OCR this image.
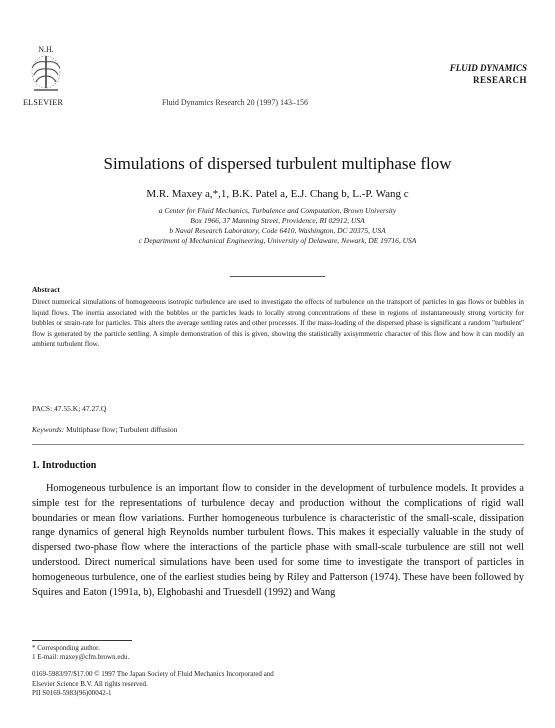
N.H.
ELSEVIER	Fluid Dynamics Research 20 (1997) 143–156
FLUID DYNAMICS
RESEARCH
Simulations of dispersed turbulent multiphase flow
M.R. Maxey a,*,1, B.K. Patel a, E.J. Chang b, L.-P. Wang c
a Center for Fluid Mechanics, Turbulence and Computation, Brown University
Box 1966, 37 Manning Street, Providence, RI 02912, USA
b Naval Research Laboratory, Code 6410, Washington, DC 20375, USA
c Department of Mechanical Engineering, University of Delaware, Newark, DE 19716, USA
Abstract
Direct numerical simulations of homogeneous isotropic turbulence are used to investigate the effects of turbulence on the transport of particles in gas flows or bubbles in liquid flows. The inertia associated with the bubbles or the particles leads to locally strong concentrations of these in regions of instantaneously strong vorticity for bubbles or strain-rate for particles. This alters the average settling rates and other processes. If the mass-loading of the dispersed phase is significant a random "turbulent" flow is generated by the particle settling. A simple demonstration of this is given, showing the statistically axisymmetric character of this flow and how it can modify an ambient turbulent flow.
PACS: 47.55.K; 47.27.Q
Keywords: Multiphase flow; Turbulent diffusion
1. Introduction

Homogeneous turbulence is an important flow to consider in the development of turbulence models. It provides a simple test for the representations of turbulence decay and production without the complications of rigid wall boundaries or mean flow variations. Further homogeneous turbulence is characteristic of the small-scale, dissipation range dynamics of general high Reynolds number turbulent flows. This makes it especially valuable in the study of dispersed two-phase flow where the interactions of the particle phase with small-scale turbulence are still not well understood. Direct numerical simulations have been used for some time to investigate the transport of particles in homogeneous turbulence, one of the earliest studies being by Riley and Patterson (1974). These have been followed by Squires and Eaton (1991a, b), Elghobashi and Truesdell (1992) and Wang

* Corresponding author.
1 E-mail: maxey@cfm.brown.edu.
0169-5983/97/$17.00 © 1997 The Japan Society of Fluid Mechanics Incorporated and
Elsevier Science B.V. All rights reserved.
PII S0169-5983(96)00042-1
